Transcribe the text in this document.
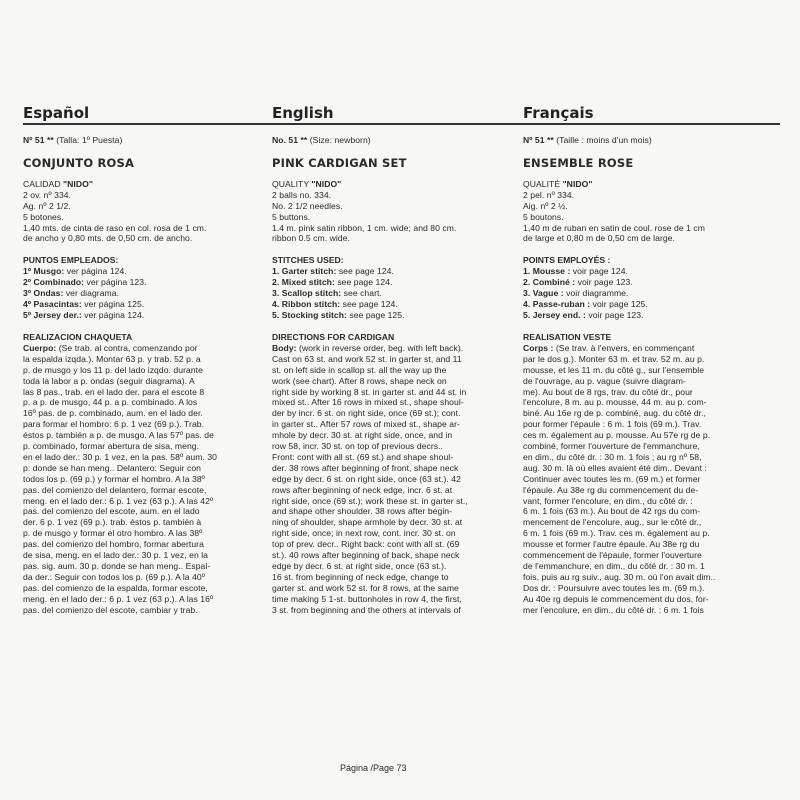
Español

Nº 51 ** (Talla: 1º Puesta)

CONJUNTO ROSA

CALIDAD "NIDO"

2 ov. nº 334.

Ag. nº 2 1/2.

5 botones.

1,40 mts. de cinta de raso en col. rosa de 1 cm.

de ancho y 0,80 mts. de 0,50 cm. de ancho.

PUNTOS EMPLEADOS:

1º Musgo: ver página 124.

2º Combinado: ver página 123.

3º Ondas: ver diagrama.

4º Pasacintas: ver página 125.

5º Jersey der.: ver página 124.

REALIZACION CHAQUETA

Cuerpo: (Se trab. al contra, comenzando por

la espalda izqda.). Montar 63 p. y trab. 52 p. a

p. de musgo y los 11 p. del lado izqdo. durante

toda la labor a p. ondas (seguir diagrama). A

las 8 pas., trab. en el lado der. para el escote 8

p. a p. de musgo, 44 p. a p. combinado. A los

16º pas. de p. combinado, aum. en el lado der.

para formar el hombro: 6 p. 1 vez (69 p.). Trab.

éstos p. también a p. de musgo. A las 57º pas. de

p. combinado, formar abertura de sisa, meng.

en el lado der.: 30 p. 1 vez, en la pas. 58º aum. 30

p. donde se han meng.. Delantero: Seguir con

todos los p. (69 p.) y formar el hombro. A la 38º

pas. del comienzo del delantero, formar escote,

meng. en el lado der.: 6 p. 1 vez (63 p.). A las 42º

pas. del comienzo del escote, aum. en el lado

der. 6 p. 1 vez (69 p.). trab. éstos p. también à

p. de musgo y formar el otro hombro. A las 38º

pas. del comienzo del hombro, formar abertura

de sisa, meng. en el lado der.: 30 p. 1 vez, en la

pas. sig. aum. 30 p. donde se han meng.. Espal-

da der.: Seguir con todos los p. (69 p.). A la 40º

pas. del comienzo de la espalda, formar escote,

meng. en el lado der.: 6 p. 1 vez (63 p.). A las 16º

pas. del comienzo del escote, cambiar y trab.

English

No. 51 ** (Size: newborn)

PINK CARDIGAN SET

QUALITY "NIDO"

2 balls no. 334.

No. 2 1/2 needles.

5 buttons.

1.4 m. pink satin ribbon, 1 cm. wide; and 80 cm.

ribbon 0.5 cm. wide.

STITCHES USED:

1. Garter stitch: see page 124.

2. Mixed stitch: see page 124.

3. Scallop stitch: see chart.

4. Ribbon stitch: see page 124.

5. Stocking stitch: see page 125.

DIRECTIONS FOR CARDIGAN

Body: (work in reverse order, beg. with left back).

Cast on 63 st. and work 52 st. in garter st, and 11

st. on left side in scallop st. all the way up the

work (see chart). After 8 rows, shape neck on

right side by working 8 st. in garter st. and 44 st. in

mixed st.. After 16 rows in mixed st., shape shoul-

der by incr. 6 st. on right side, once (69 st.); cont.

in garter st.. After 57 rows of mixed st., shape ar-

mhole by decr. 30 st. at right side, once, and in

row 58, incr. 30 st. on top of previous decrs..

Front: cont with all st. (69 st.) and shape shoul-

der. 38 rows after beginning of front, shape neck

edge by decr. 6 st. on right side, once (63 st.). 42

rows after beginning of neck edge, incr. 6 st. at

right side, once (69 st.); work these st. in garter st.,

and shape other shoulder. 38 rows after begin-

ning of shoulder, shape armhole by decr. 30 st. at

right side, once; in next row, cont. incr. 30 st. on

top of prev. decr.. Right back: cont with all st. (69

st.). 40 rows after beginning of back, shape neck

edge by decr. 6 st. at right side, once (63 st.).

16 st. from beginning of neck edge, change to

garter st. and work 52 st. for 8 rows, at the same

time making 5 1-st. buttonholes in row 4, the first,

3 st. from beginning and the others at intervals of

Français

Nº 51 ** (Taille : moins d'un mois)

ENSEMBLE ROSE

QUALITÉ "NIDO"

2 pel. nº 334.

Aig. nº 2 ½.

5 boutons.

1,40 m de ruban en satin de coul. rose de 1 cm

de large et 0,80 m de 0,50 cm de large.

POINTS EMPLOYÉS :

1. Mousse : voir page 124.

2. Combiné : voir page 123.

3. Vague : voir diagramme.

4. Passe-ruban : voir page 125.

5. Jersey end. : voir page 123.

REALISATION VESTE

Corps : (Se trav. à l'envers, en commençant

par le dos g.). Monter 63 m. et trav. 52 m. au p.

mousse, et les 11 m. du côté g., sur l'ensemble

de l'ouvrage, au p. vague (suivre diagram-

me). Au bout de 8 rgs, trav. du côté dr., pour

l'encolure, 8 m. au p. mousse, 44 m. au p. com-

biné. Au 16e rg de p. combiné, aug. du côté dr.,

pour former l'épaule : 6 m. 1 fois (69 m.). Trav.

ces m. également au p. mousse. Au 57e rg de p.

combiné, former l'ouverture de l'emmanchure,

en dim., du côté dr. : 30 m. 1 fois ; au rg nº 58,

aug. 30 m. là où elles avaient été dim.. Devant :

Continuer avec toutes les m. (69 m.) et former

l'épaule. Au 38e rg du commencement du de-

vant, former l'encolure, en dim., du côté dr. :

6 m. 1 fois (63 m.). Au bout de 42 rgs du com-

mencement de l'encolure, aug., sur le côté dr.,

6 m. 1 fois (69 m.). Trav. ces m. également au p.

mousse et former l'autre épaule. Au 38e rg du

commencement de l'épaule, former l'ouverture

de l'emmanchure, en dim., du côté dr. : 30 m. 1

fois, puis au rg suiv., aug. 30 m. où l'on avait dim..

Dos dr. : Poursuivre avec toutes les m. (69 m.).

Au 40e rg depuis le commencement du dos, for-

mer l'encolure, en dim., du côté dr. : 6 m. 1 fois

Página /Page 73
